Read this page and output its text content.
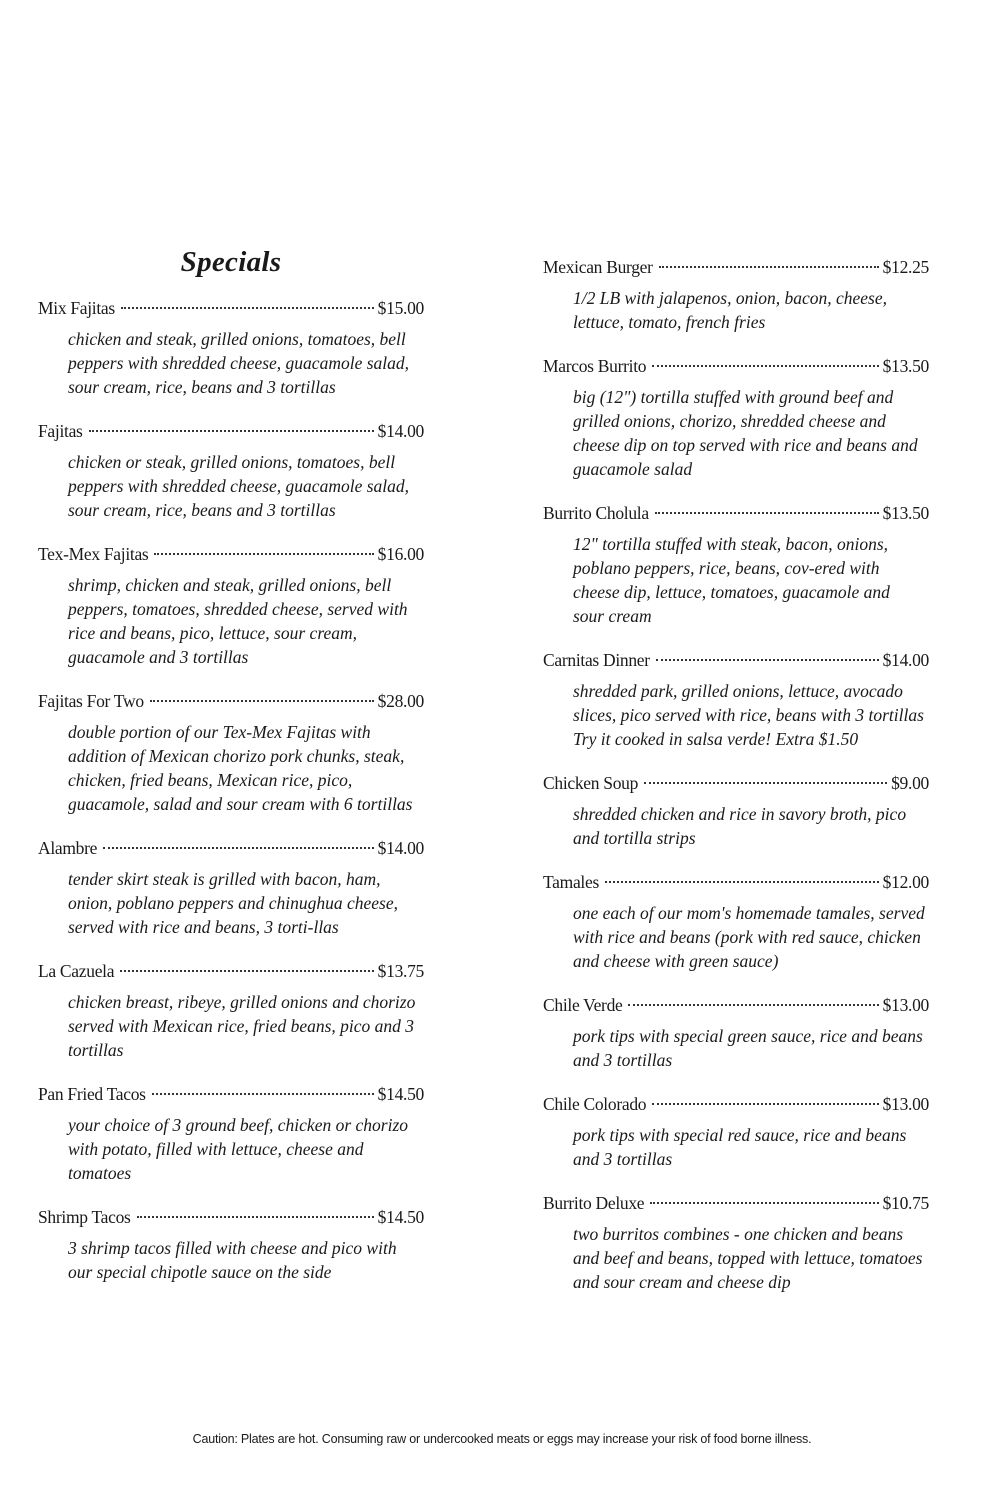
Specials
Mix Fajitas	$15.00
chicken and steak, grilled onions, tomatoes, bell peppers with shredded cheese, guacamole salad, sour cream, rice, beans and 3 tortillas
Fajitas	$14.00
chicken or steak, grilled onions, tomatoes, bell peppers with shredded cheese, guacamole salad, sour cream, rice, beans and 3 tortillas
Tex-Mex Fajitas	$16.00
shrimp, chicken and steak, grilled onions, bell peppers, tomatoes, shredded cheese, served with rice and beans, pico, lettuce, sour cream, guacamole and 3 tortillas
Fajitas For Two	$28.00
double portion of our Tex-Mex Fajitas with addition of Mexican chorizo pork chunks, steak, chicken, fried beans, Mexican rice, pico, guacamole, salad and sour cream with 6 tortillas
Alambre	$14.00
tender skirt steak is grilled with bacon, ham, onion, poblano peppers and chinughua cheese, served with rice and beans, 3 torti-llas
La Cazuela	$13.75
chicken breast, ribeye, grilled onions and chorizo served with Mexican rice, fried beans, pico and 3 tortillas
Pan Fried Tacos	$14.50
your choice of 3 ground beef, chicken or chorizo with potato, filled with lettuce, cheese and tomatoes
Shrimp Tacos	$14.50
3 shrimp tacos filled with cheese and pico with our special chipotle sauce on the side
Mexican Burger	$12.25
1/2 LB with jalapenos, onion, bacon, cheese, lettuce, tomato, french fries
Marcos Burrito	$13.50
big (12") tortilla stuffed with ground beef and grilled onions, chorizo, shredded cheese and cheese dip on top served with rice and beans and guacamole salad
Burrito Cholula	$13.50
12" tortilla stuffed with steak, bacon, onions, poblano peppers, rice, beans, cov-ered with cheese dip, lettuce, tomatoes, guacamole and sour cream
Carnitas Dinner	$14.00
shredded park, grilled onions, lettuce, avocado slices, pico served with rice, beans with 3 tortillas
Try it cooked in salsa verde! Extra $1.50
Chicken Soup	$9.00
shredded chicken and rice in savory broth, pico and tortilla strips
Tamales	$12.00
one each of our mom's homemade tamales, served with rice and beans (pork with red sauce, chicken and cheese with green sauce)
Chile Verde	$13.00
pork tips with special green sauce, rice and beans and 3 tortillas
Chile Colorado	$13.00
pork tips with special red sauce, rice and beans and 3 tortillas
Burrito Deluxe	$10.75
two burritos combines - one chicken and beans and beef and beans, topped with lettuce, tomatoes and sour cream and cheese dip
Caution: Plates are hot. Consuming raw or undercooked meats or eggs may increase your risk of food borne illness.
